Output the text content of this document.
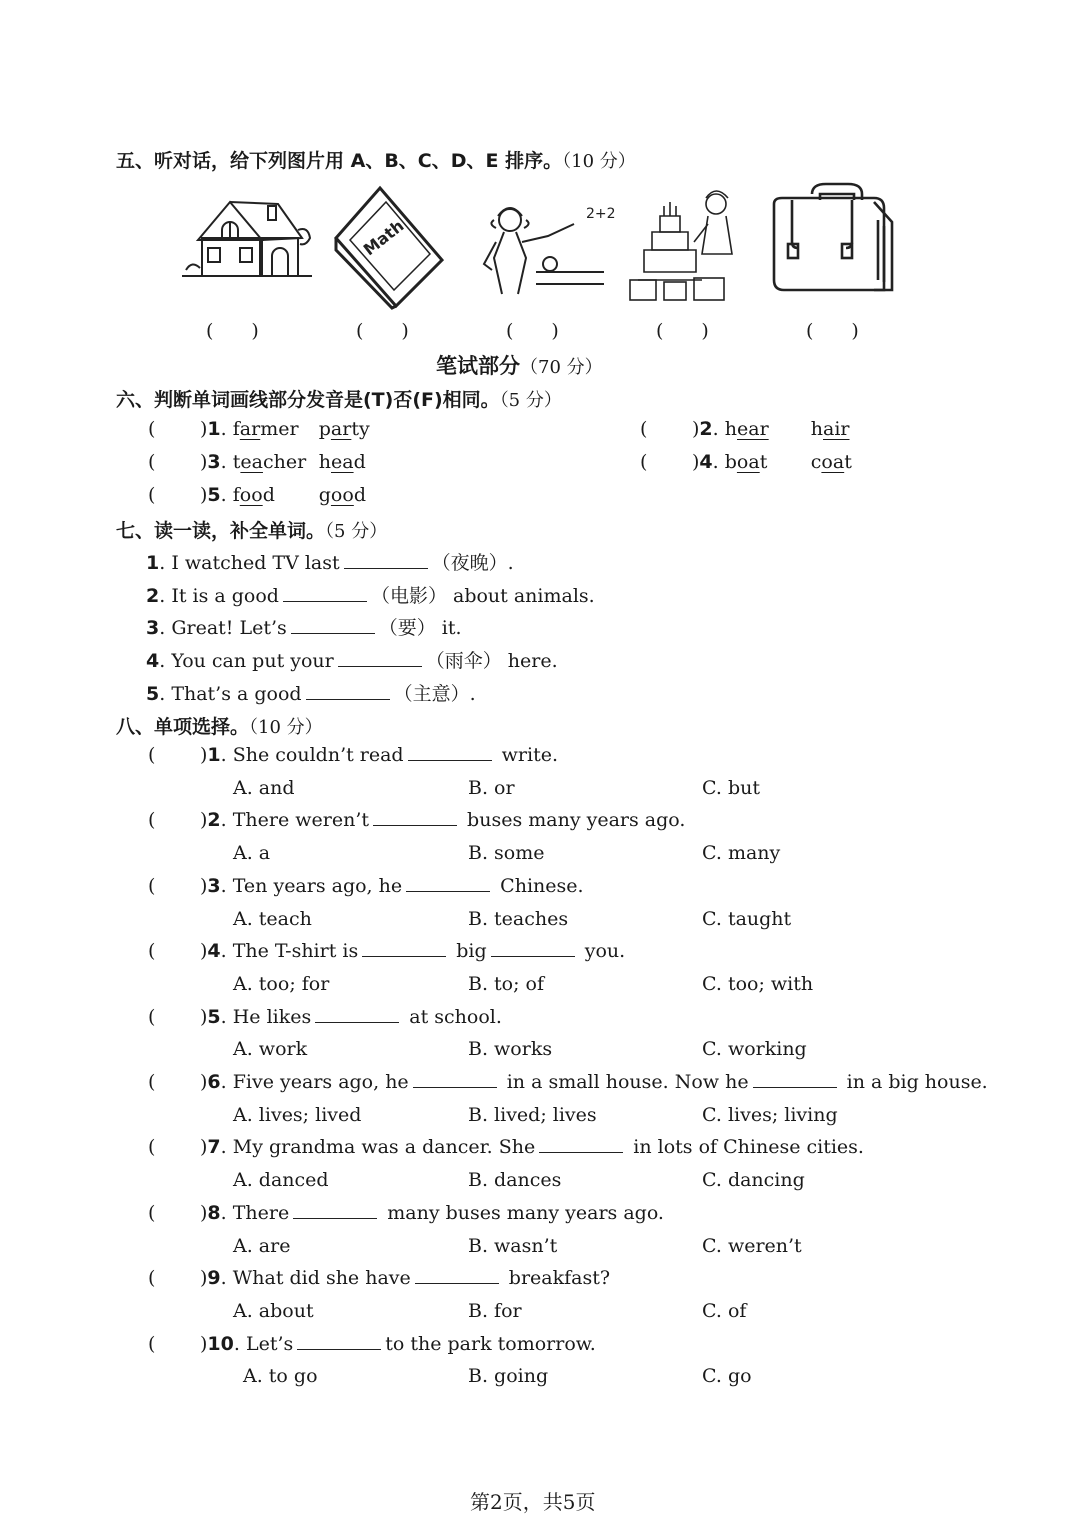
五、听对话，给下列图片用 A、B、C、D、E 排序。（10 分）
Math
2+2
(　　)	(　　)	(　　)	(　　)	(　　)
笔试部分（70 分）
六、判断单词画线部分发音是(T)否(F)相同。（5 分）
( )1. farmer party	( )2. hear hair
( )3. teacher head	( )4. boat coat
( )5. food good
七、读一读，补全单词。（5 分）
1. I watched TV last	（夜晚）.
2. It is a good	（电影） about animals.
3. Great! Let’s	（要） it.
4. You can put your	（雨伞） here.
5. That’s a good	（主意）.
八、单项选择。（10 分）
( )1. She couldn’t read	write.
A. and	B. or	C. but
( )2. There weren’t	buses many years ago.
A. a	B. some	C. many
( )3. Ten years ago, he	Chinese.
A. teach	B. teaches	C. taught
( )4. The T-shirt is	big	you.
A. too; for	B. to; of	C. too; with
( )5. He likes	at school.
A. work	B. works	C. working
( )6. Five years ago, he	in a small house. Now he	in a big house.
A. lives; lived	B. lived; lives	C. lives; living
( )7. My grandma was a dancer. She	in lots of Chinese cities.
A. danced	B. dances	C. dancing
( )8. There	many buses many years ago.
A. are	B. wasn’t	C. weren’t
( )9. What did she have	breakfast?
A. about	B. for	C. of
( )10. Let’s	to the park tomorrow.
A. to go	B. going	C. go
第2页，共5页
